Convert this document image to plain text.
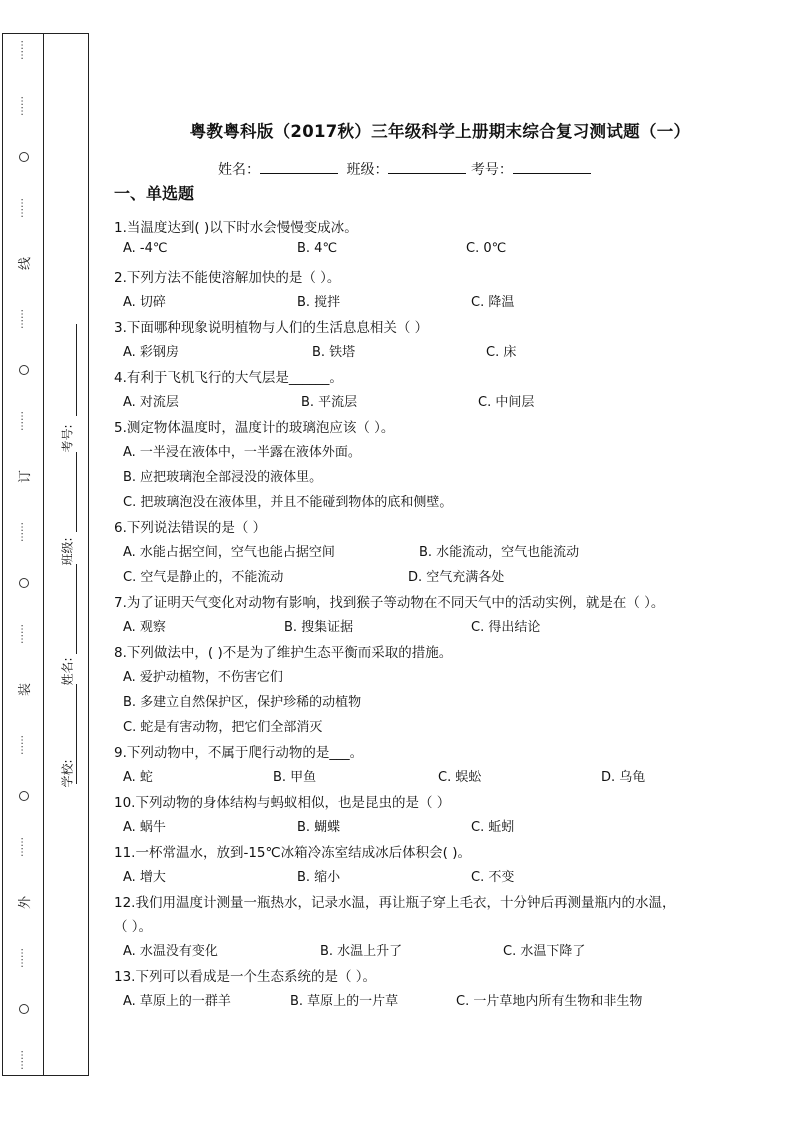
……
……
……
线
……
……
订
……
……
装
……
……
外
……
……
考号:
班级:
姓名:
学校:
粤教粤科版（2017秋）三年级科学上册期末综合复习测试题（一）
姓名：	班级：	考号：
一、单选题
1.当温度达到( )以下时水会慢慢变成冰。
A. -4℃	B. 4℃	C. 0℃
2.下列方法不能使溶解加快的是（ ）。
A. 切碎	B. 搅拌	C. 降温
3.下面哪种现象说明植物与人们的生活息息相关（ ）
A. 彩钢房	B. 铁塔	C. 床
4.有利于飞机飞行的大气层是______。
A. 对流层	B. 平流层	C. 中间层
5.测定物体温度时，温度计的玻璃泡应该（ ）。
A. 一半浸在液体中，一半露在液体外面。
B. 应把玻璃泡全部浸没的液体里。
C. 把玻璃泡没在液体里，并且不能碰到物体的底和侧壁。
6.下列说法错误的是（ ）
A. 水能占据空间，空气也能占据空间	B. 水能流动，空气也能流动
C. 空气是静止的，不能流动	D. 空气充满各处
7.为了证明天气变化对动物有影响，找到猴子等动物在不同天气中的活动实例，就是在（ ）。
A. 观察	B. 搜集证据	C. 得出结论
8.下列做法中，( )不是为了维护生态平衡而采取的措施。
A. 爱护动植物，不伤害它们
B. 多建立自然保护区，保护珍稀的动植物
C. 蛇是有害动物，把它们全部消灭
9.下列动物中，不属于爬行动物的是___。
A. 蛇	B. 甲鱼	C. 蜈蚣	D. 乌龟
10.下列动物的身体结构与蚂蚁相似，也是昆虫的是（ ）
A. 蜗牛	B. 蝴蝶	C. 蚯蚓
11.一杯常温水，放到-15℃冰箱冷冻室结成冰后体积会( )。
A. 增大	B. 缩小	C. 不变
12.我们用温度计测量一瓶热水，记录水温，再让瓶子穿上毛衣，十分钟后再测量瓶内的水温，
（ ）。
A. 水温没有变化	B. 水温上升了	C. 水温下降了
13.下列可以看成是一个生态系统的是（ ）。
A. 草原上的一群羊	B. 草原上的一片草	C. 一片草地内所有生物和非生物
